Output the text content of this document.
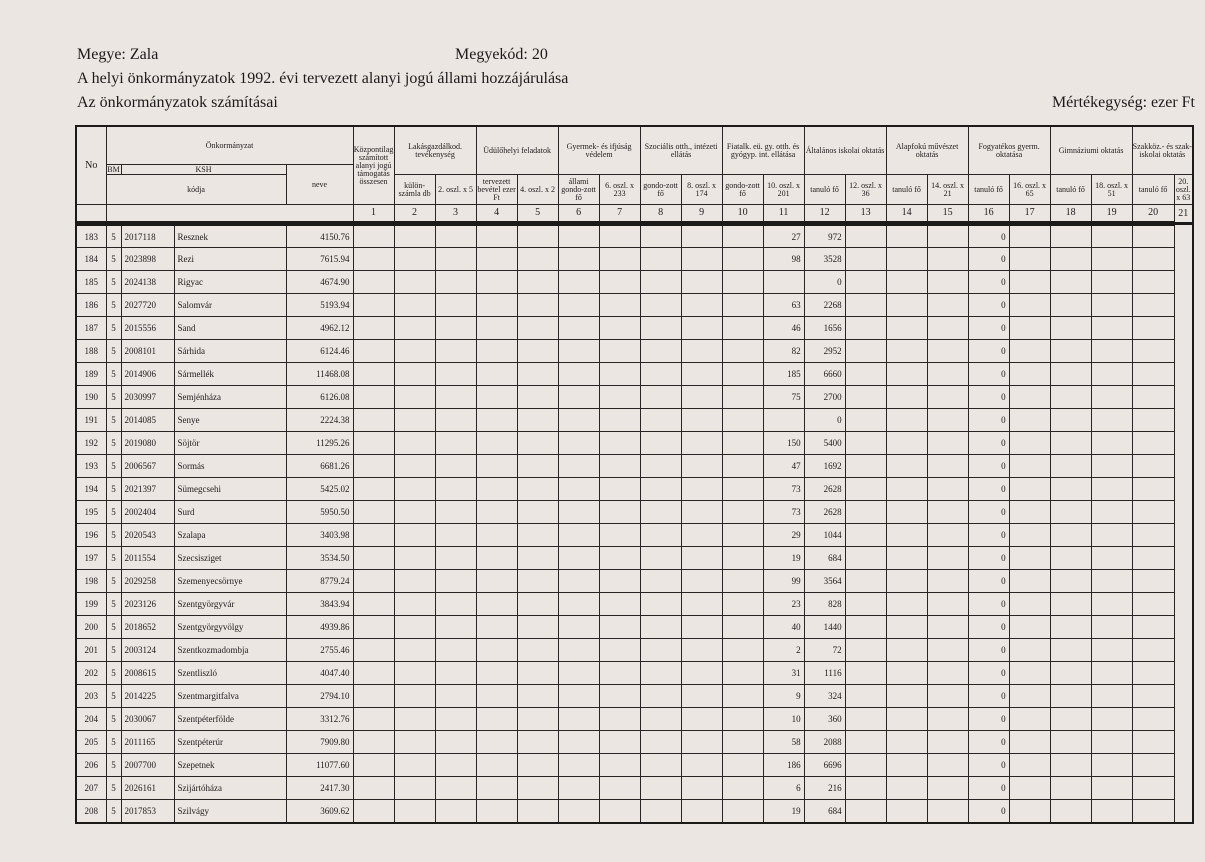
Megye: Zala	Megyekód: 20
A helyi önkormányzatok 1992. évi tervezett alanyi jogú állami hozzájárulása
Az önkormányzatok számításai	Mértékegység: ezer Ft
No	Önkormányzat				Központilag számított alanyi jogú támogatás összesen	Lakásgazdálkod. tevékenység		Üdülőhelyi feladatok		Gyermek- és ifjúság védelem		Szociális otth., intézeti ellátás		Fiatalk. eü. gy. otth. és gyógyp. int. ellátása		Általános iskolai oktatás		Alapfokú művészet oktatás		Fogyatékos gyerm. oktatása		Gimnáziumi oktatás		Szakköz.- és szak-iskolai oktatás	
	BM	KSH		neve																					
	kódja					külön-számla db	2. oszl. x 5	tervezett bevétel ezer Ft	4. oszl. x 2	állami gondo-zott fő	6. oszl. x 233	gondo-zott fő	8. oszl. x 174	gondo-zott fő	10. oszl. x 201	tanuló fő	12. oszl. x 36	tanuló fő	14. oszl. x 21	tanuló fő	16. oszl. x 65	tanuló fő	18. oszl. x 51	tanuló fő	20. oszl. x 63
					1	2	3	4	5	6	7	8	9	10	11	12	13	14	15	16	17	18	19	20	21
183	5	2017118	Resznek	4150.76											27	972				0					
184	5	2023898	Rezi	7615.94											98	3528				0					
185	5	2024138	Rigyac	4674.90												0				0					
186	5	2027720	Salomvár	5193.94											63	2268				0					
187	5	2015556	Sand	4962.12											46	1656				0					
188	5	2008101	Sárhida	6124.46											82	2952				0					
189	5	2014906	Sármellék	11468.08											185	6660				0					
190	5	2030997	Semjénháza	6126.08											75	2700				0					
191	5	2014085	Senye	2224.38												0				0					
192	5	2019080	Söjtör	11295.26											150	5400				0					
193	5	2006567	Sormás	6681.26											47	1692				0					
194	5	2021397	Sümegcsehi	5425.02											73	2628				0					
195	5	2002404	Surd	5950.50											73	2628				0					
196	5	2020543	Szalapa	3403.98											29	1044				0					
197	5	2011554	Szecsisziget	3534.50											19	684				0					
198	5	2029258	Szemenyecsörnye	8779.24											99	3564				0					
199	5	2023126	Szentgyörgyvár	3843.94											23	828				0					
200	5	2018652	Szentgyörgyvölgy	4939.86											40	1440				0					
201	5	2003124	Szentkozmadombja	2755.46											2	72				0					
202	5	2008615	Szentliszló	4047.40											31	1116				0					
203	5	2014225	Szentmargitfalva	2794.10											9	324				0					
204	5	2030067	Szentpéterfölde	3312.76											10	360				0					
205	5	2011165	Szentpéterúr	7909.80											58	2088				0					
206	5	2007700	Szepetnek	11077.60											186	6696				0					
207	5	2026161	Szijártóháza	2417.30											6	216				0					
208	5	2017853	Szilvágy	3609.62											19	684				0					
